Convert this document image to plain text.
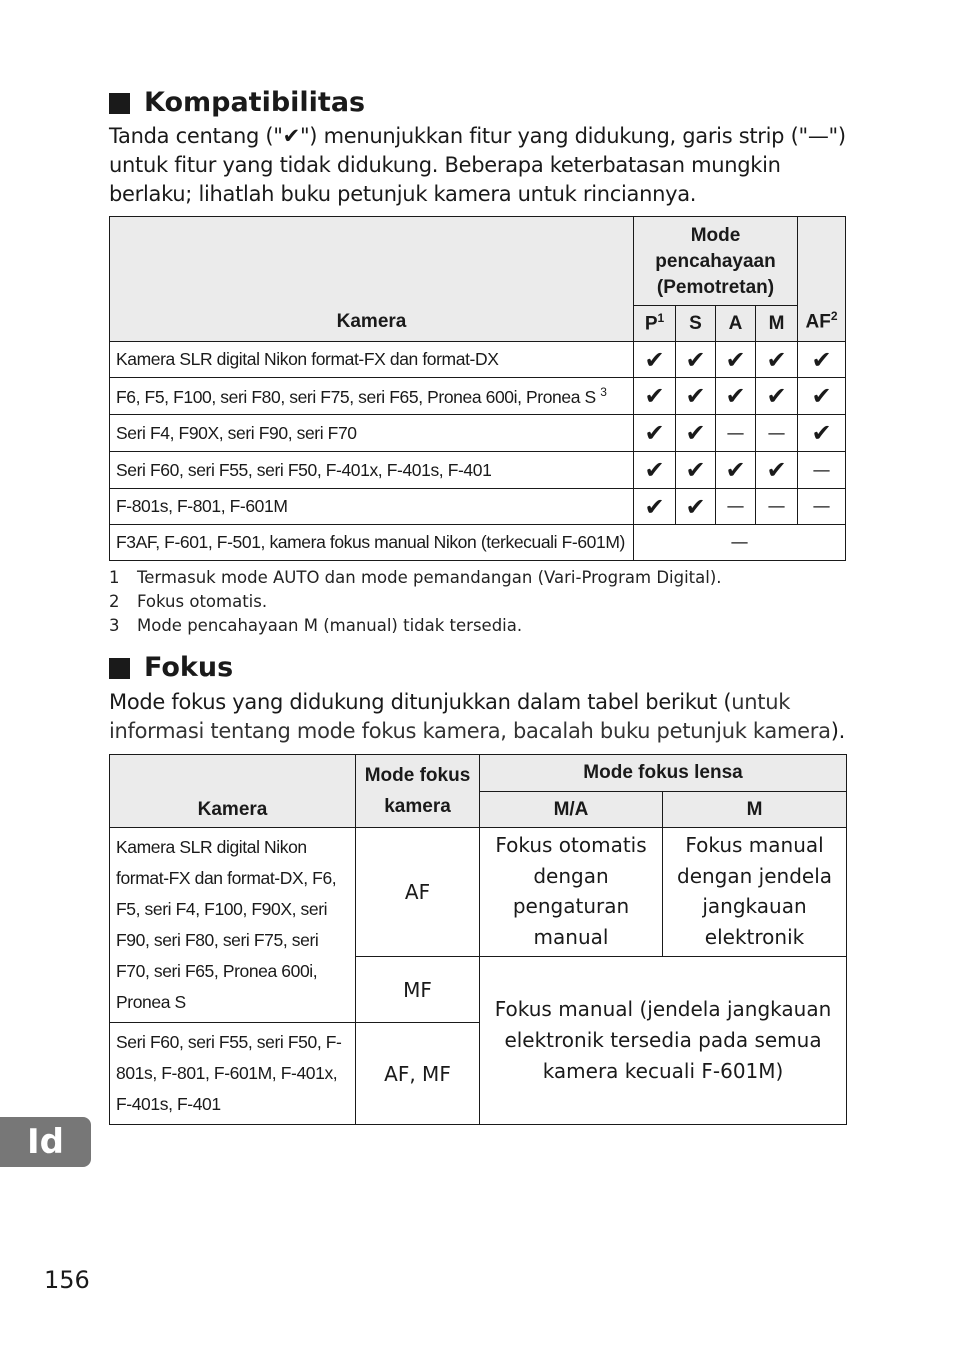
Kompatibilitas

Tanda centang ("✔") menunjukkan fitur yang didukung, garis strip ("—") untuk fitur yang tidak didukung. Beberapa keterbatasan mungkin berlaku; lihatlah buku petunjuk kamera untuk rinciannya.

Kamera	Mode pencahayaan (Pemotretan)				$AF^2$
	$P^1$	S	A	M	
Kamera SLR digital Nikon format-FX dan format-DX	✔	✔	✔	✔	✔
F6, F5, F100, seri F80, seri F75, seri F65, Pronea 600i, Pronea S $^3$	✔	✔	✔	✔	✔
Seri F4, F90X, seri F90, seri F70	✔	✔	—	—	✔
Seri F60, seri F55, seri F50, F-401x, F-401s, F-401	✔	✔	✔	✔	—
F-801s, F-801, F-601M	✔	✔	—	—	—
F3AF, F-601, F-501, kamera fokus manual Nikon (terkecuali F-601M)	—				
1	Termasuk mode AUTO dan mode pemandangan (Vari-Program Digital).
2	Fokus otomatis.
3	Mode pencahayaan M (manual) tidak tersedia.
Fokus

Mode fokus yang didukung ditunjukkan dalam tabel berikut (untuk informasi tentang mode fokus kamera, bacalah buku petunjuk kamera).

Kamera	Mode fokus kamera	Mode fokus lensa	
		M/A	M
Kamera SLR digital Nikon format-FX dan format-DX, F6, F5, seri F4, F100, F90X, seri F90, seri F80, seri F75, seri F70, seri F65, Pronea 600i, Pronea S	AF	Fokus otomatis dengan pengaturan manual	Fokus manual dengan jendela jangkauan elektronik
	MF	Fokus manual (jendela jangkauan elektronik tersedia pada semua kamera kecuali F-601M)	
Seri F60, seri F55, seri F50, F-801s, F-801, F-601M, F-401x, F-401s, F-401	AF, MF		
Id
156
